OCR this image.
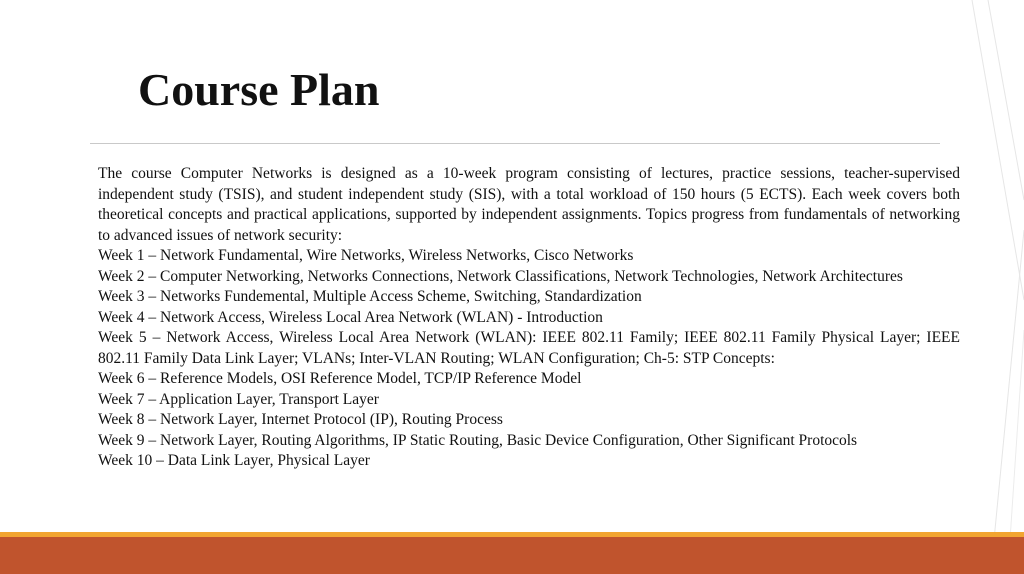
Course Plan

The course Computer Networks is designed as a 10-week program consisting of lectures, practice sessions, teacher-supervised independent study (TSIS), and student independent study (SIS), with a total workload of 150 hours (5 ECTS). Each week covers both theoretical concepts and practical applications, supported by independent assignments. Topics progress from fundamentals of networking to advanced issues of network security:

Week 1 – Network Fundamental, Wire Networks, Wireless Networks, Cisco Networks

Week 2 – Computer Networking, Networks Connections, Network Classifications, Network Technologies, Network Architectures

Week 3 – Networks Fundemental, Multiple Access Scheme, Switching, Standardization

Week 4 – Network Access, Wireless Local Area Network (WLAN) - Introduction

Week 5 – Network Access, Wireless Local Area Network (WLAN): IEEE 802.11 Family; IEEE 802.11 Family Physical Layer; IEEE 802.11 Family Data Link Layer; VLANs; Inter-VLAN Routing; WLAN Configuration; Ch-5: STP Concepts:

Week 6 – Reference Models, OSI Reference Model, TCP/IP Reference Model

Week 7 – Application Layer, Transport Layer

Week 8 – Network Layer, Internet Protocol (IP), Routing Process

Week 9 – Network Layer, Routing Algorithms, IP Static Routing, Basic Device Configuration, Other Significant Protocols

Week 10 – Data Link Layer, Physical Layer
